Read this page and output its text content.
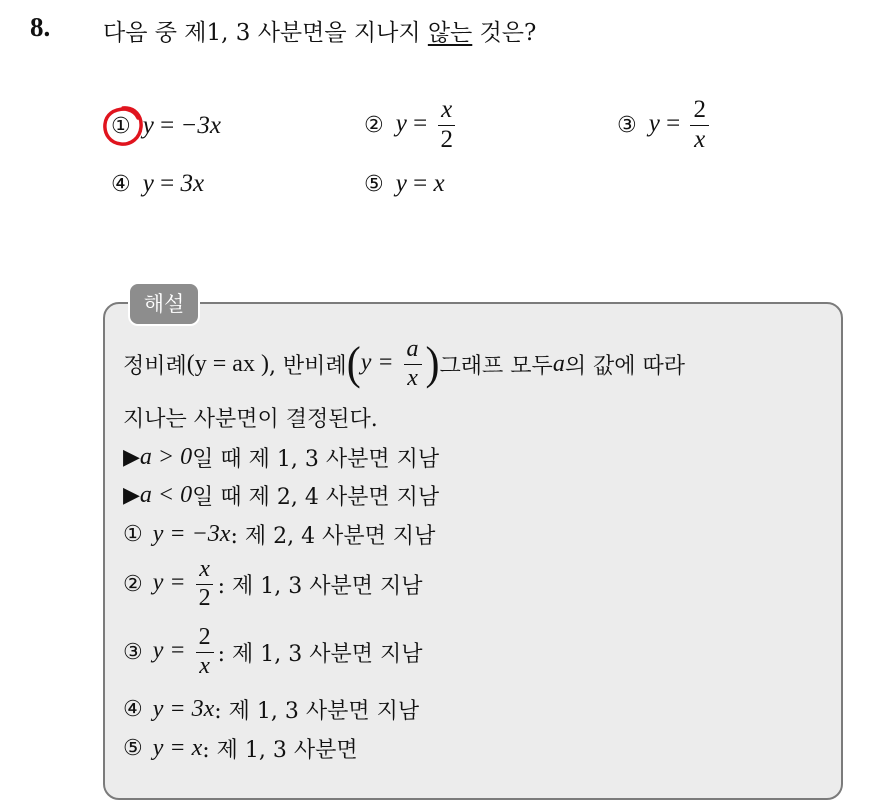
8. 다음 중 제1, 3 사분면을 지나지 않는 것은?
① y = −3x	② $y = \frac{x}{2}$	③ $y = \frac{2}{x}$
④ y = 3x	⑤ y = x
해설
정비례 (y = ax ) , 반비례 ( $y = \frac{a}{x}$ ) 그래프 모두 a 의 값에 따라
지나는 사분면이 결정된다.
▶ a > 0 일 때 제 1, 3 사분면 지남
▶ a < 0 일 때 제 2, 4 사분면 지남
① y = −3x : 제 2, 4 사분면 지남
② $y = \frac{x}{2}$ : 제 1, 3 사분면 지남
③ $y = \frac{2}{x}$ : 제 1, 3 사분면 지남
④ y = 3x : 제 1, 3 사분면 지남
⑤ y = x : 제 1, 3 사분면
